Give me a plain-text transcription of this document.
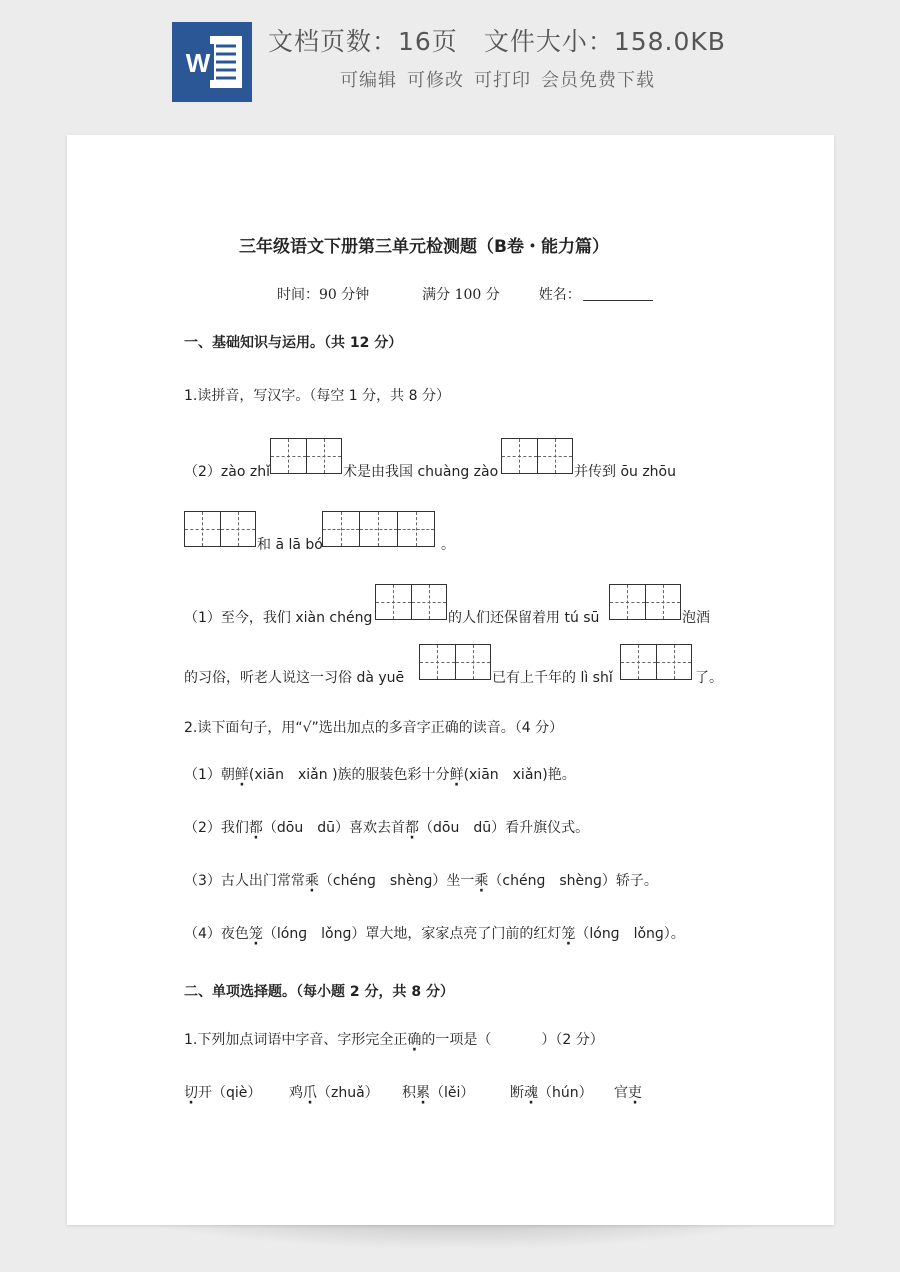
W
文档页数：16页 文件大小：158.0KB
可编辑 可修改 可打印 会员免费下载
三年级语文下册第三单元检测题（B卷・能力篇）
时间：90 分钟	满分 100 分	姓名：
一、基础知识与运用。（共 12 分）
1.读拼音，写汉字。（每空 1 分，共 8 分）
（2）zào zhǐ	术是由我国 chuàng zào	并传到 ōu zhōu
和 ā lā bó	。
（1）至今，我们 xiàn chéng	的人们还保留着用 tú sū	泡酒
的习俗，听老人说这一习俗 dà yuē	已有上千年的 lì shǐ	了。
2.读下面句子，用“√”选出加点的多音字正确的读音。（4 分）
（1）朝鲜(xiān　xiǎn )族的服装色彩十分鲜(xiān　xiǎn)艳。
（2）我们都（dōu　dū）喜欢去首都（dōu　dū）看升旗仪式。
（3）古人出门常常乘（chénɡ　shènɡ）坐一乘（chénɡ　shènɡ）轿子。
（4）夜色笼（lónɡ　lǒnɡ）罩大地，家家点亮了门前的红灯笼（lónɡ　lǒnɡ）。
二、单项选择题。（每小题 2 分，共 8 分）
1.下列加点词语中字音、字形完全正确的一项是（	）（2 分）
切开（qiè） 鸡爪（zhuǎ） 积累（lěi）	断魂（hún） 官吏
